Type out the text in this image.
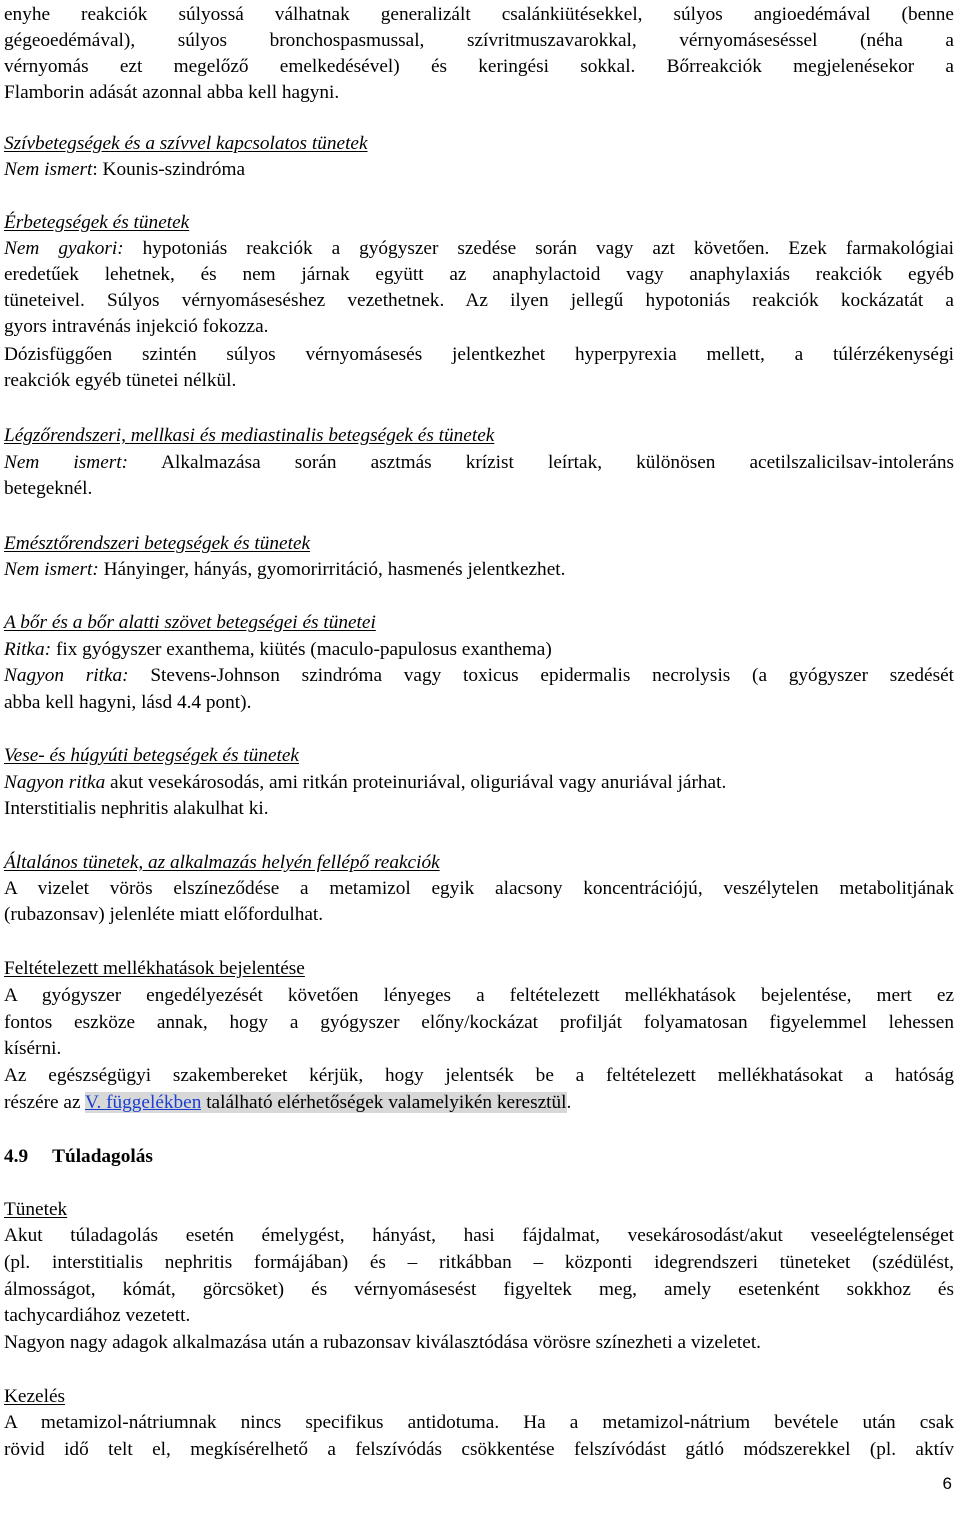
enyhe reakciók súlyossá válhatnak generalizált csalánkiütésekkel, súlyos angioedémával (benne
gégeoedémával), súlyos bronchospasmussal, szívritmuszavarokkal, vérnyomáseséssel (néha a
vérnyomás ezt megelőző emelkedésével) és keringési sokkal. Bőrreakciók megjelenésekor a
Flamborin adását azonnal abba kell hagyni.
Szívbetegségek és a szívvel kapcsolatos tünetek
Nem ismert: Kounis-szindróma
Érbetegségek és tünetek
Nem gyakori: hypotoniás reakciók a gyógyszer szedése során vagy azt követően. Ezek farmakológiai
eredetűek lehetnek, és nem járnak együtt az anaphylactoid vagy anaphylaxiás reakciók egyéb
tüneteivel. Súlyos vérnyomáseséshez vezethetnek. Az ilyen jellegű hypotoniás reakciók kockázatát a
gyors intravénás injekció fokozza.
Dózisfüggően szintén súlyos vérnyomásesés jelentkezhet hyperpyrexia mellett, a túlérzékenységi
reakciók egyéb tünetei nélkül.
Légzőrendszeri, mellkasi és mediastinalis betegségek és tünetek
Nem ismert: Alkalmazása során asztmás krízist leírtak, különösen acetilszalicilsav-intoleráns
betegeknél.
Emésztőrendszeri betegségek és tünetek
Nem ismert: Hányinger, hányás, gyomorirritáció, hasmenés jelentkezhet.
A bőr és a bőr alatti szövet betegségei és tünetei
Ritka: fix gyógyszer exanthema, kiütés (maculo-papulosus exanthema)
Nagyon ritka: Stevens-Johnson szindróma vagy toxicus epidermalis necrolysis (a gyógyszer szedését
abba kell hagyni, lásd 4.4 pont).
Vese- és húgyúti betegségek és tünetek
Nagyon ritka akut vesekárosodás, ami ritkán proteinuriával, oliguriával vagy anuriával járhat.
Interstitialis nephritis alakulhat ki.
Általános tünetek, az alkalmazás helyén fellépő reakciók
A vizelet vörös elszíneződése a metamizol egyik alacsony koncentrációjú, veszélytelen metabolitjának
(rubazonsav) jelenléte miatt előfordulhat.
Feltételezett mellékhatások bejelentése
A gyógyszer engedélyezését követően lényeges a feltételezett mellékhatások bejelentése, mert ez
fontos eszköze annak, hogy a gyógyszer előny/kockázat profilját folyamatosan figyelemmel lehessen
kísérni.
Az egészségügyi szakembereket kérjük, hogy jelentsék be a feltételezett mellékhatásokat a hatóság
részére az V. függelékben található elérhetőségek valamelyikén keresztül.
4.9 Túladagolás
Tünetek
Akut túladagolás esetén émelygést, hányást, hasi fájdalmat, vesekárosodást/akut veseelégtelenséget
(pl. interstitialis nephritis formájában) és – ritkábban – központi idegrendszeri tüneteket (szédülést,
álmosságot, kómát, görcsöket) és vérnyomásesést figyeltek meg, amely esetenként sokkhoz és
tachycardiához vezetett.
Nagyon nagy adagok alkalmazása után a rubazonsav kiválasztódása vörösre színezheti a vizeletet.
Kezelés
A metamizol-nátriumnak nincs specifikus antidotuma. Ha a metamizol-nátrium bevétele után csak
rövid idő telt el, megkísérelhető a felszívódás csökkentése felszívódást gátló módszerekkel (pl. aktív
6
